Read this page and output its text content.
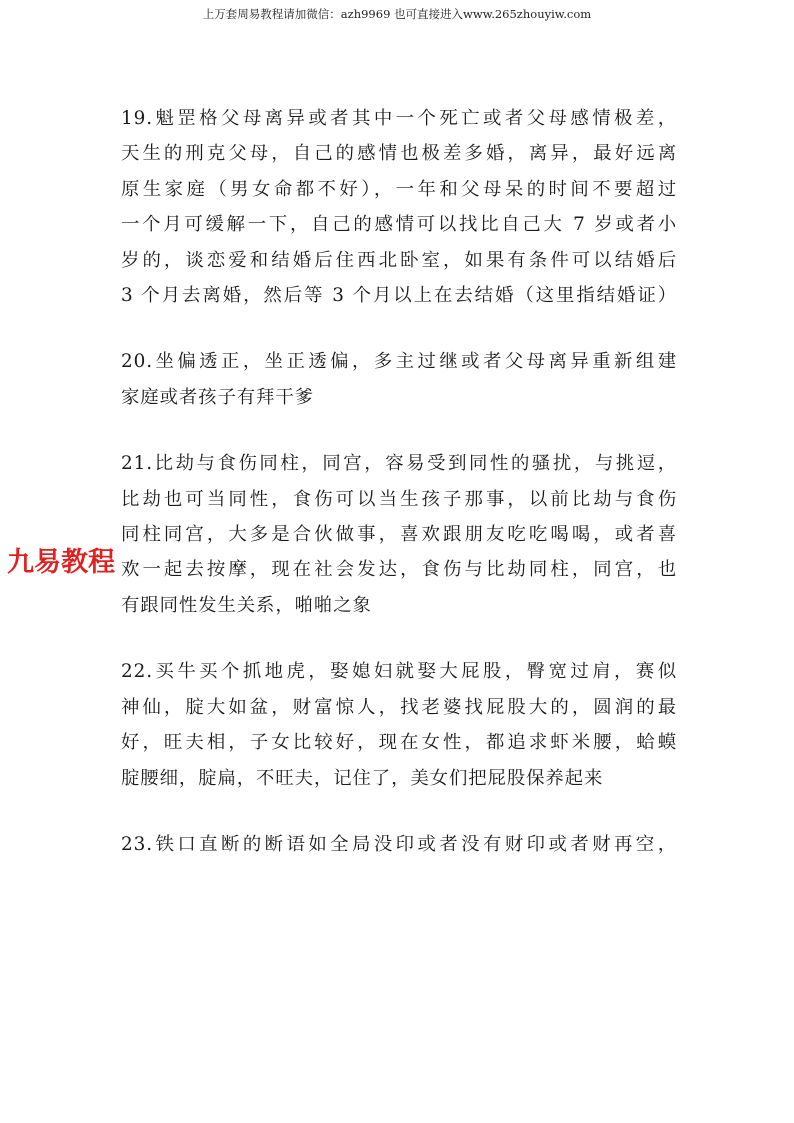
上万套周易教程请加微信：azh9969 也可直接进入www.265zhouyiw.com
19.魁罡格父母离异或者其中一个死亡或者父母感情极差，
天生的刑克父母，自己的感情也极差多婚，离异，最好远离
原生家庭（男女命都不好），一年和父母呆的时间不要超过
一个月可缓解一下，自己的感情可以找比自己大 7 岁或者小
岁的，谈恋爱和结婚后住西北卧室，如果有条件可以结婚后
3 个月去离婚，然后等 3 个月以上在去结婚（这里指结婚证）
20.坐偏透正，坐正透偏，多主过继或者父母离异重新组建
家庭或者孩子有拜干爹
21.比劫与食伤同柱，同宫，容易受到同性的骚扰，与挑逗，
比劫也可当同性，食伤可以当生孩子那事，以前比劫与食伤
同柱同宫，大多是合伙做事，喜欢跟朋友吃吃喝喝，或者喜
欢一起去按摩，现在社会发达，食伤与比劫同柱，同宫，也
有跟同性发生关系，啪啪之象
22.买牛买个抓地虎，娶媳妇就娶大屁股，臀宽过肩，赛似
神仙，腚大如盆，财富惊人，找老婆找屁股大的，圆润的最
好，旺夫相，子女比较好，现在女性，都追求虾米腰，蛤蟆
腚腰细，腚扁，不旺夫，记住了，美女们把屁股保养起来
23.铁口直断的断语如全局没印或者没有财印或者财再空，
九易教程
